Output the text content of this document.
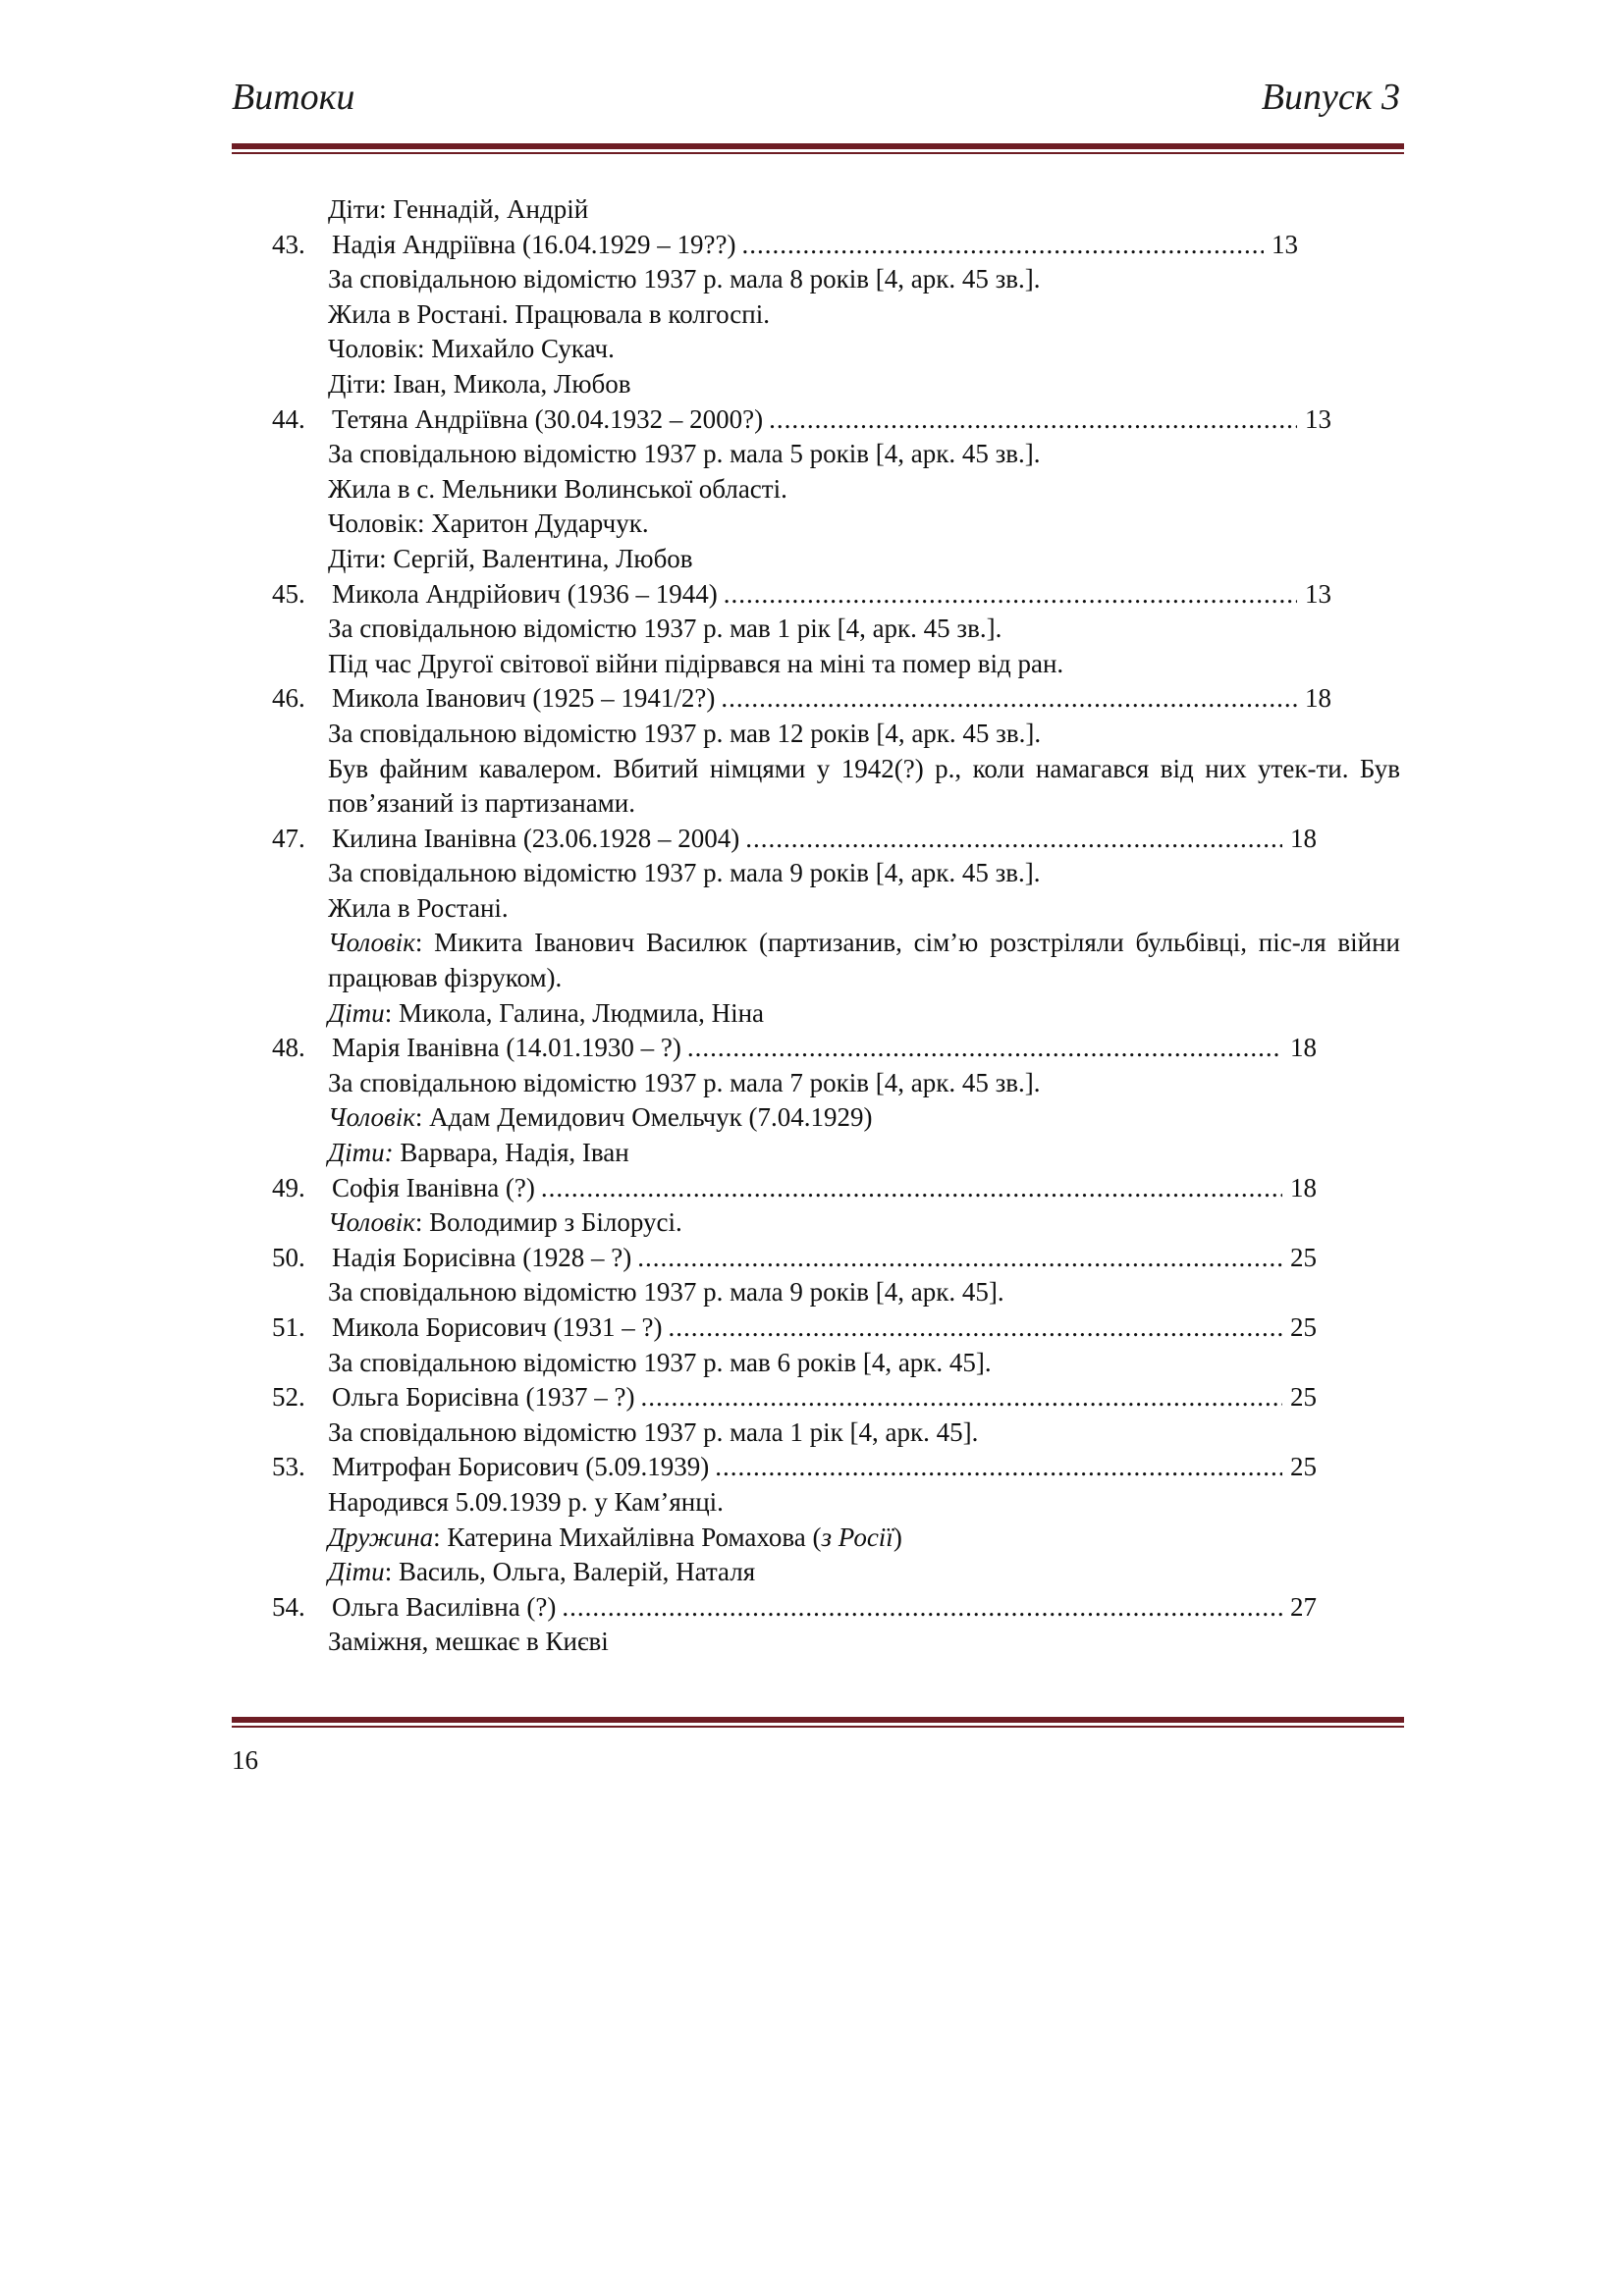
Витоки	Випуск 3
Діти: Геннадій, Андрій
43. Надія Андріївна (16.04.1929 – 19??) .....	13
За сповідальною відомістю 1937 р. мала 8 років [4, арк. 45 зв.].
Жила в Ростані. Працювала в колгоспі.
Чоловік: Михайло Сукач.
Діти: Іван, Микола, Любов
44. Тетяна Андріївна (30.04.1932 – 2000?) .....	13
За сповідальною відомістю 1937 р. мала 5 років [4, арк. 45 зв.].
Жила в с. Мельники Волинської області.
Чоловік: Харитон Дударчук.
Діти: Сергій, Валентина, Любов
45. Микола Андрійович (1936 – 1944) .....	13
За сповідальною відомістю 1937 р. мав 1 рік [4, арк. 45 зв.].
Під час Другої світової війни підірвався на міні та помер від ран.
46. Микола Іванович (1925 – 1941/2?) .....	18
За сповідальною відомістю 1937 р. мав 12 років [4, арк. 45 зв.].
Був файним кавалером. Вбитий німцями у 1942(?) р., коли намагався від них утек-ти. Був пов’язаний із партизанами.
47. Килина Іванівна (23.06.1928 – 2004) .....	18
За сповідальною відомістю 1937 р. мала 9 років [4, арк. 45 зв.].
Жила в Ростані.
Чоловік: Микита Іванович Василюк (партизанив, сім’ю розстріляли бульбівці, піс-ля війни працював фізруком).
Діти: Микола, Галина, Людмила, Ніна
48. Марія Іванівна (14.01.1930 – ?) .....	18
За сповідальною відомістю 1937 р. мала 7 років [4, арк. 45 зв.].
Чоловік: Адам Демидович Омельчук (7.04.1929)
Діти: Варвара, Надія, Іван
49. Софія Іванівна (?) .....	18
Чоловік: Володимир з Білорусі.
50. Надія Борисівна (1928 – ?) .....	25
За сповідальною відомістю 1937 р. мала 9 років [4, арк. 45].
51. Микола Борисович (1931 – ?) .....	25
За сповідальною відомістю 1937 р. мав 6 років [4, арк. 45].
52. Ольга Борисівна (1937 – ?) .....	25
За сповідальною відомістю 1937 р. мала 1 рік [4, арк. 45].
53. Митрофан Борисович (5.09.1939) .....	25
Народився 5.09.1939 р. у Кам’янці.
Дружина: Катерина Михайлівна Ромахова (з Росії)
Діти: Василь, Ольга, Валерій, Наталя
54. Ольга Василівна (?) .....	27
Заміжня, мешкає в Києві
16
